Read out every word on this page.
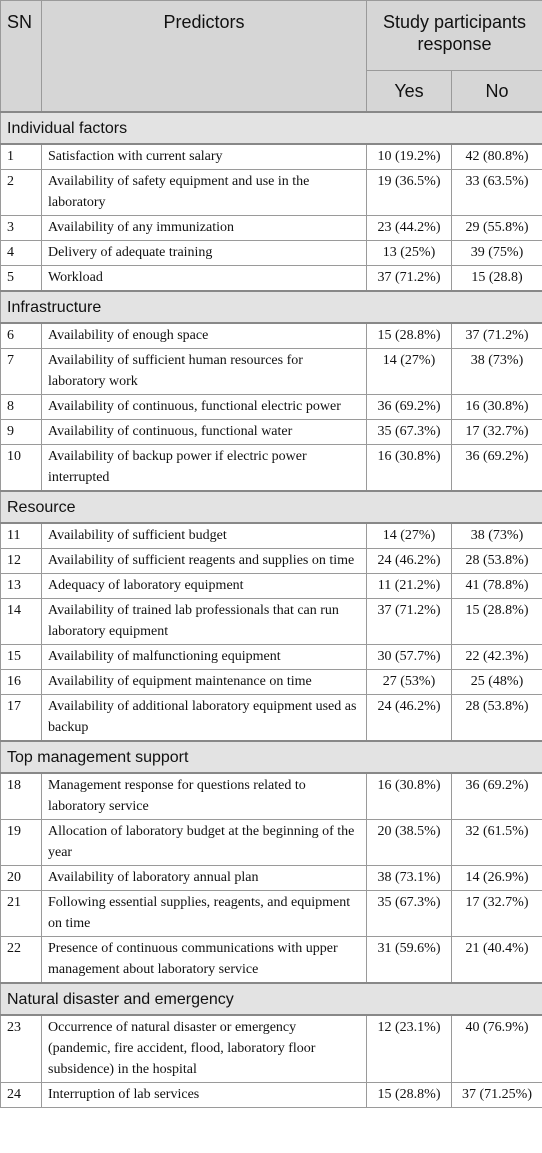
SN	Predictors	Study participants response	
		Yes	No
Individual factors			
1	Satisfaction with current salary	10 (19.2%)	42 (80.8%)
2	Availability of safety equipment and use in the laboratory	19 (36.5%)	33 (63.5%)
3	Availability of any immunization	23 (44.2%)	29 (55.8%)
4	Delivery of adequate training	13 (25%)	39 (75%)
5	Workload	37 (71.2%)	15 (28.8)
Infrastructure			
6	Availability of enough space	15 (28.8%)	37 (71.2%)
7	Availability of sufficient human resources for laboratory work	14 (27%)	38 (73%)
8	Availability of continuous, functional electric power	36 (69.2%)	16 (30.8%)
9	Availability of continuous, functional water	35 (67.3%)	17 (32.7%)
10	Availability of backup power if electric power interrupted	16 (30.8%)	36 (69.2%)
Resource			
11	Availability of sufficient budget	14 (27%)	38 (73%)
12	Availability of sufficient reagents and supplies on time	24 (46.2%)	28 (53.8%)
13	Adequacy of laboratory equipment	11 (21.2%)	41 (78.8%)
14	Availability of trained lab professionals that can run laboratory equipment	37 (71.2%)	15 (28.8%)
15	Availability of malfunctioning equipment	30 (57.7%)	22 (42.3%)
16	Availability of equipment maintenance on time	27 (53%)	25 (48%)
17	Availability of additional laboratory equipment used as backup	24 (46.2%)	28 (53.8%)
Top management support			
18	Management response for questions related to laboratory service	16 (30.8%)	36 (69.2%)
19	Allocation of laboratory budget at the beginning of the year	20 (38.5%)	32 (61.5%)
20	Availability of laboratory annual plan	38 (73.1%)	14 (26.9%)
21	Following essential supplies, reagents, and equipment on time	35 (67.3%)	17 (32.7%)
22	Presence of continuous communications with upper management about laboratory service	31 (59.6%)	21 (40.4%)
Natural disaster and emergency			
23	Occurrence of natural disaster or emergency (pandemic, fire accident, flood, laboratory floor subsidence) in the hospital	12 (23.1%)	40 (76.9%)
24	Interruption of lab services	15 (28.8%)	37 (71.25%)
